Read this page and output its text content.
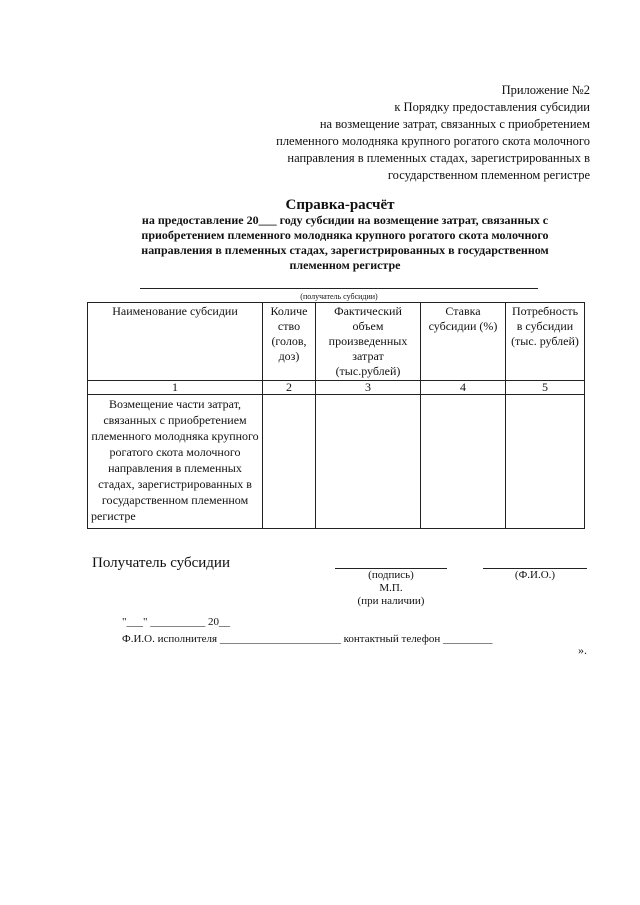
Приложение №2
к Порядку предоставления субсидии
на возмещение затрат, связанных с приобретением
племенного молодняка крупного рогатого скота молочного
направления в племенных стадах, зарегистрированных в
государственном племенном регистре
Справка-расчёт
на предоставление 20___ году субсидии на возмещение затрат, связанных с приобретением племенного молодняка крупного рогатого скота молочного направления в племенных стадах, зарегистрированных в государственном племенном регистре
(получатель субсидии)
Наименование субсидии	Количе ство (голов, доз)	Фактический объем произведенных затрат (тыс.рублей)	Ставка субсидии (%)	Потребность в субсидии (тыс. рублей)
1	2	3	4	5
Возмещение части затрат, связанных с приобретением племенного молодняка крупного рогатого скота молочного направления в племенных стадах, зарегистрированных в государственном племенном регистре				
Получатель субсидии
(подпись)
М.П.
(при наличии)
(Ф.И.О.)
"___" __________ 20__
Ф.И.О. исполнителя ______________________ контактный телефон _________
».
